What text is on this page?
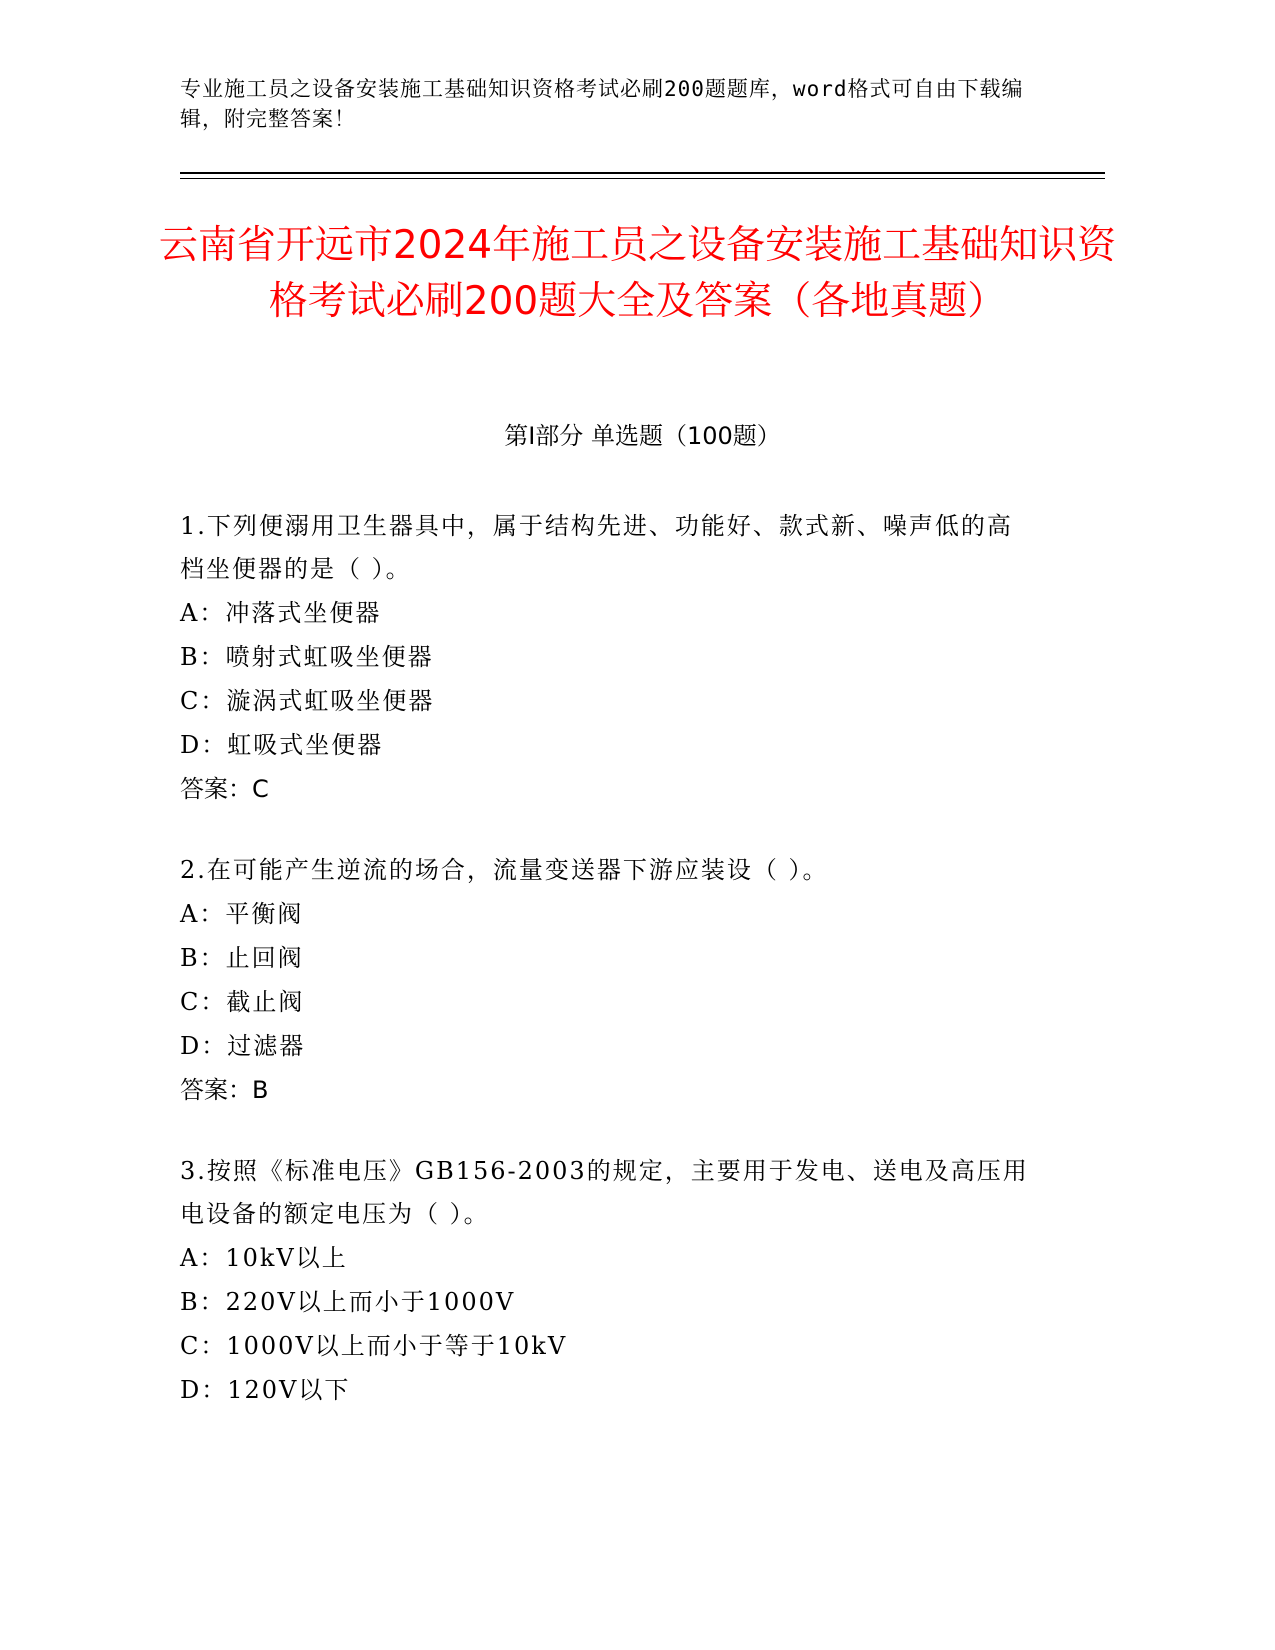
专业施工员之设备安装施工基础知识资格考试必刷200题题库，word格式可自由下载编辑，附完整答案！
云南省开远市2024年施工员之设备安装施工基础知识资格考试必刷200题大全及答案（各地真题）
第Ⅰ部分 单选题（100题）
1.下列便溺用卫生器具中，属于结构先进、功能好、款式新、噪声低的高档坐便器的是（ ）。
A：冲落式坐便器
B：喷射式虹吸坐便器
C：漩涡式虹吸坐便器
D：虹吸式坐便器
答案：C
2.在可能产生逆流的场合，流量变送器下游应装设（ ）。
A：平衡阀
B：止回阀
C：截止阀
D：过滤器
答案：B
3.按照《标准电压》GB156-2003的规定，主要用于发电、送电及高压用电设备的额定电压为（ ）。
A：10kV以上
B：220V以上而小于1000V
C：1000V以上而小于等于10kV
D：120V以下
